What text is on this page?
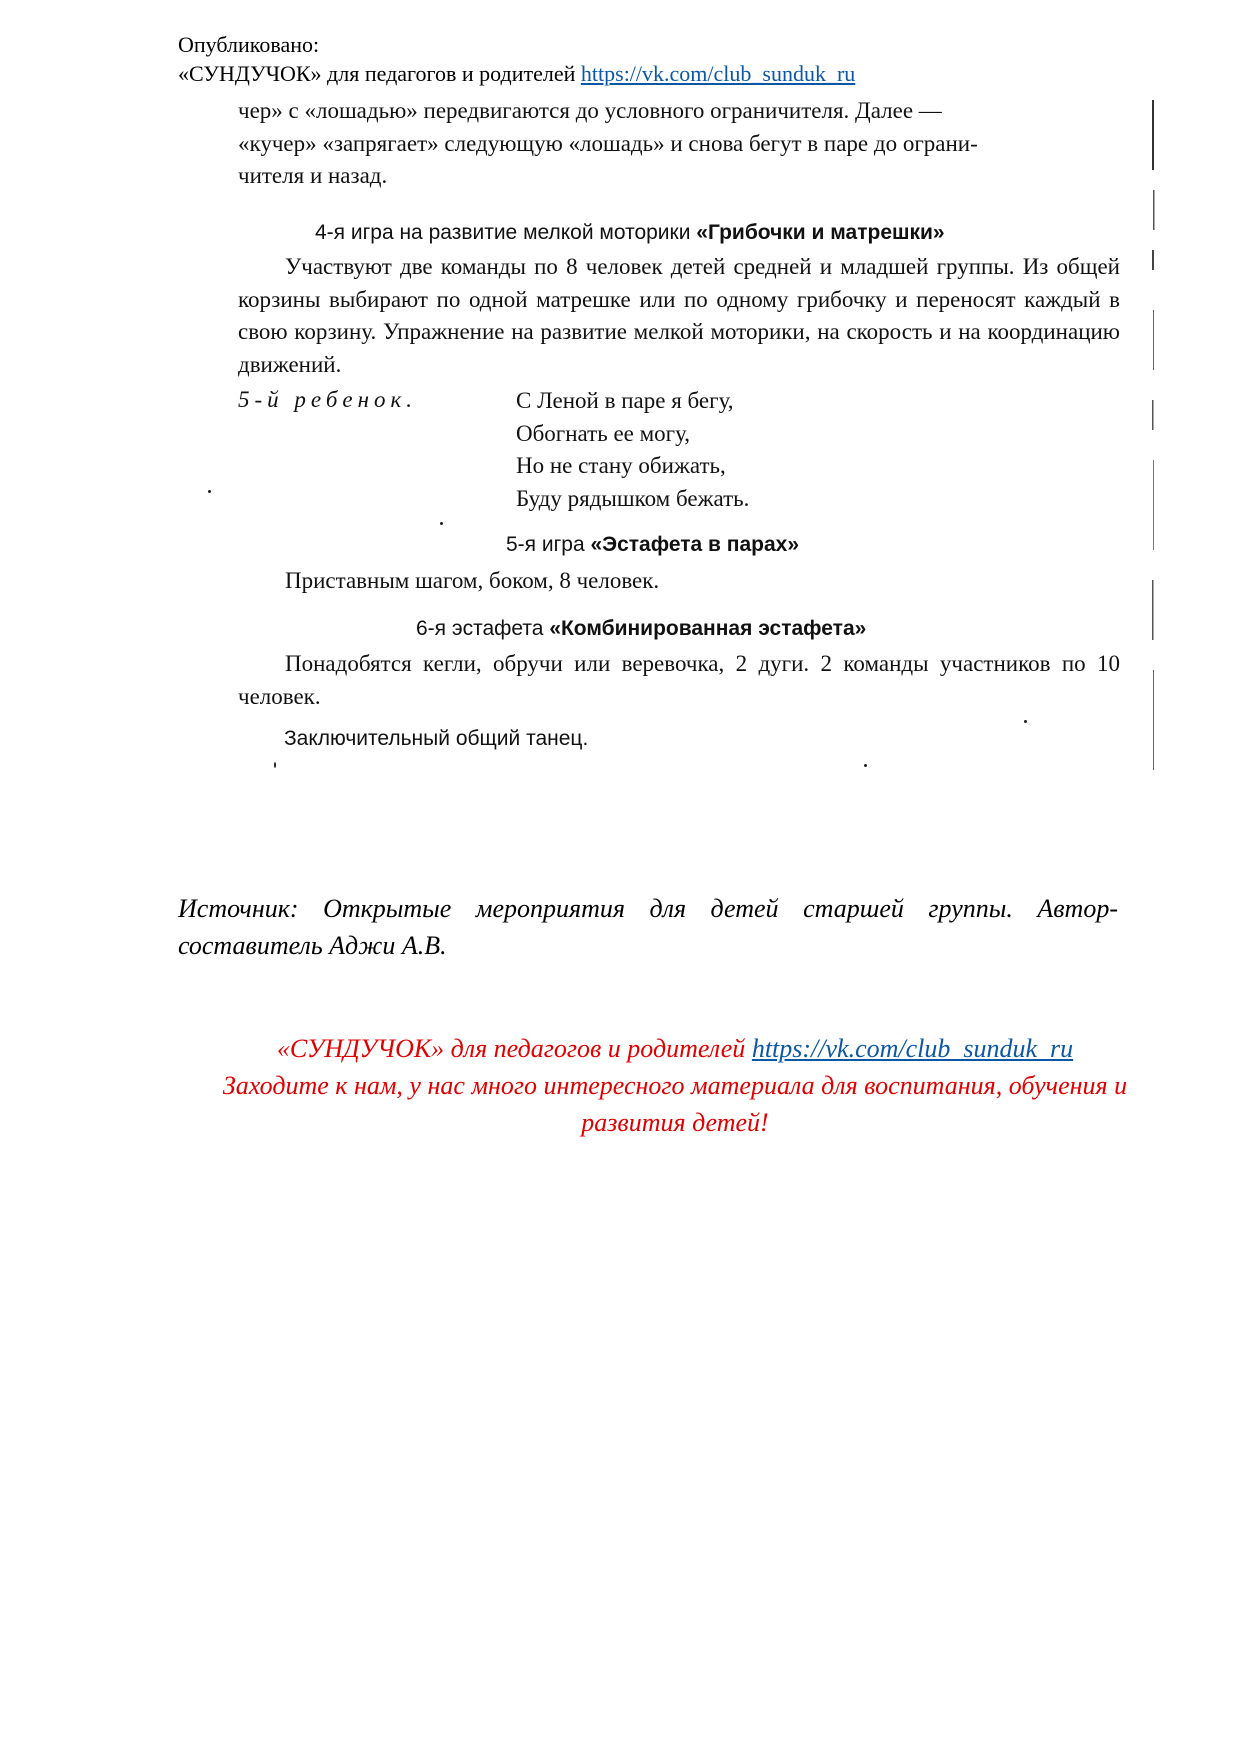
Опубликовано:
«СУНДУЧОК» для педагогов и родителей https://vk.com/club_sunduk_ru
чер» с «лошадью» передвигаются до условного ограничителя. Далее —
«кучер» «запрягает» следующую «лошадь» и снова бегут в паре до ограни-
чителя и назад.
4-я игра на развитие мелкой моторики «Грибочки и матрешки»
Участвуют две команды по 8 человек детей средней и младшей группы. Из общей корзины выбирают по одной матрешке или по одному грибочку и переносят каждый в свою корзину. Упражнение на развитие мелкой моторики, на скорость и на координацию движений.
5-й ребенок.	С Леной в паре я бегу,
Обогнать ее могу,
Но не стану обижать,
Буду рядышком бежать.
5-я игра «Эстафета в парах»
Приставным шагом, боком, 8 человек.
6-я эстафета «Комбинированная эстафета»
Понадобятся кегли, обручи или веревочка, 2 дуги. 2 команды участников по 10 человек.
Заключительный общий танец.
Источник: Открытые мероприятия для детей старшей группы. Автор-составитель Аджи А.В.
«СУНДУЧОК» для педагогов и родителей https://vk.com/club_sunduk_ru
Заходите к нам, у нас много интересного материала для воспитания, обучения и развития детей!
